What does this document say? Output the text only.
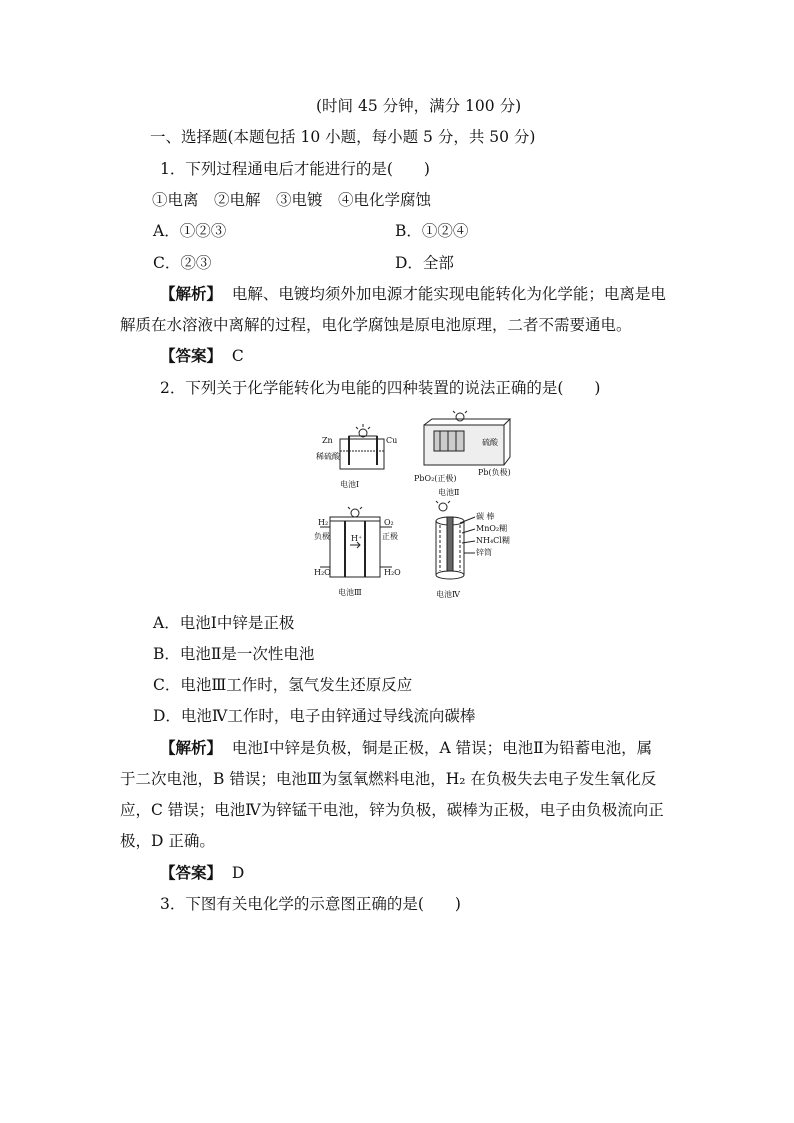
(时间 45 分钟，满分 100 分)
一、选择题(本题包括 10 小题，每小题 5 分，共 50 分)
1．下列过程通电后才能进行的是(　　)
①电离　②电解　③电镀　④电化学腐蚀
A．①②③	B．①②④
C．②③	D．全部
【解析】 电解、电镀均须外加电源才能实现电能转化为化学能；电离是电
解质在水溶液中离解的过程，电化学腐蚀是原电池原理，二者不需要通电。
【答案】 C
2．下列关于化学能转化为电能的四种装置的说法正确的是(　　)
Zn	Cu
稀硫酸
电池Ⅰ
硫酸
Pb(负极)
PbO₂(正极)
电池Ⅱ
H₂	O₂
负极	正极
H⁺
H₂O	H₂O
电池Ⅲ
碳 棒
MnO₂糊
NH₄Cl糊
锌筒
电池Ⅳ
A．电池Ⅰ中锌是正极
B．电池Ⅱ是一次性电池
C．电池Ⅲ工作时，氢气发生还原反应
D．电池Ⅳ工作时，电子由锌通过导线流向碳棒
【解析】 电池Ⅰ中锌是负极，铜是正极，A 错误；电池Ⅱ为铅蓄电池，属
于二次电池，B 错误；电池Ⅲ为氢氧燃料电池，H₂ 在负极失去电子发生氧化反
应，C 错误；电池Ⅳ为锌锰干电池，锌为负极，碳棒为正极，电子由负极流向正
极，D 正确。
【答案】 D
3．下图有关电化学的示意图正确的是(　　)
